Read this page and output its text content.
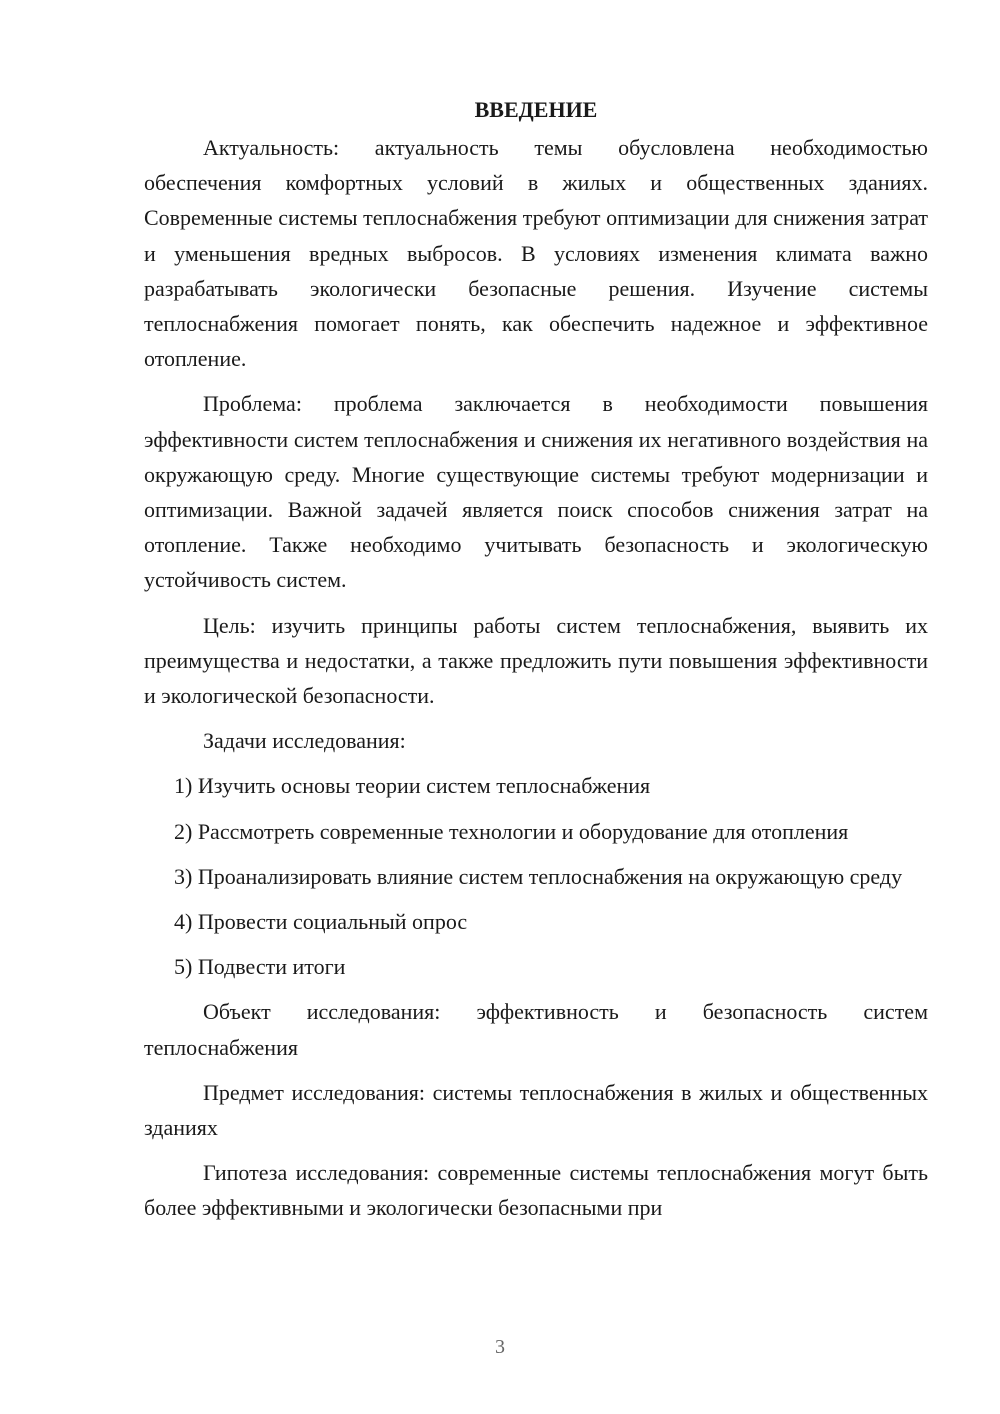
ВВЕДЕНИЕ

Актуальность: актуальность темы обусловлена необходимостью обеспечения комфортных условий в жилых и общественных зданиях. Современные системы теплоснабжения требуют оптимизации для снижения затрат и уменьшения вредных выбросов. В условиях изменения климата важно разрабатывать экологически безопасные решения. Изучение системы теплоснабжения помогает понять, как обеспечить надежное и эффективное отопление.

Проблема: проблема заключается в необходимости повышения эффективности систем теплоснабжения и снижения их негативного воздействия на окружающую среду. Многие существующие системы требуют модернизации и оптимизации. Важной задачей является поиск способов снижения затрат на отопление. Также необходимо учитывать безопасность и экологическую устойчивость систем.

Цель: изучить принципы работы систем теплоснабжения, выявить их преимущества и недостатки, а также предложить пути повышения эффективности и экологической безопасности.

Задачи исследования:

1) Изучить основы теории систем теплоснабжения

2) Рассмотреть современные технологии и оборудование для отопления

3) Проанализировать влияние систем теплоснабжения на окружающую среду

4) Провести социальный опрос

5) Подвести итоги

Объект исследования: эффективность и безопасность систем теплоснабжения

Предмет исследования: системы теплоснабжения в жилых и общественных зданиях

Гипотеза исследования: современные системы теплоснабжения могут быть более эффективными и экологически безопасными при

3
